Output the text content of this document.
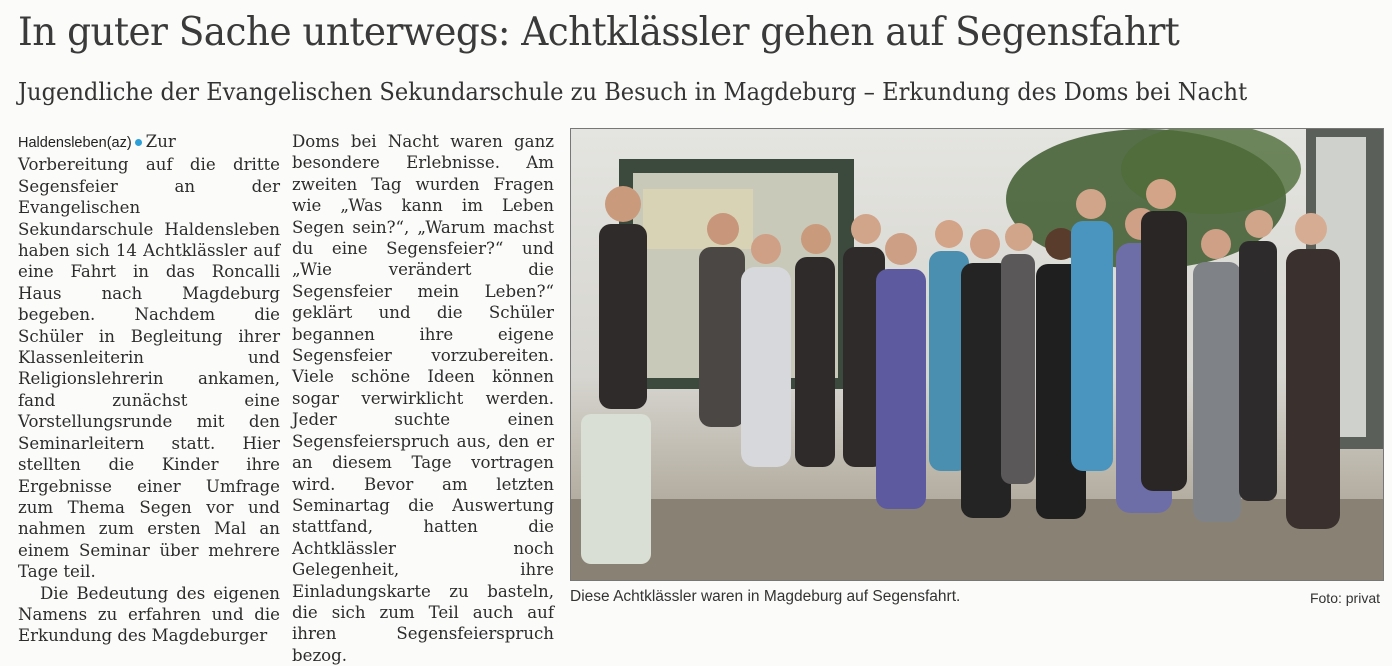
In guter Sache unterwegs: Achtklässler gehen auf Segensfahrt
Jugendliche der Evangelischen Sekundarschule zu Besuch in Magdeburg – Erkundung des Doms bei Nacht

Haldensleben(az) Zur Vorbereitung auf die dritte Segensfeier an der Evangelischen Sekundarschule Haldensleben haben sich 14 Achtklässler auf eine Fahrt in das Roncalli Haus nach Magdeburg begeben. Nachdem die Schüler in Begleitung ihrer Klassenleiterin und Religionslehrerin ankamen, fand zunächst eine Vorstellungsrunde mit den Seminarleitern statt. Hier stellten die Kinder ihre Ergebnisse einer Umfrage zum Thema Segen vor und nahmen zum ersten Mal an einem Seminar über mehrere Tage teil.

Die Bedeutung des eigenen Namens zu erfahren und die Erkundung des Magdeburger

Doms bei Nacht waren ganz besondere Erlebnisse. Am zweiten Tag wurden Fragen wie „Was kann im Leben Segen sein?“, „Warum machst du eine Segensfeier?“ und „Wie verändert die Segensfeier mein Leben?“ geklärt und die Schüler begannen ihre eigene Segensfeier vorzubereiten. Viele schöne Ideen können sogar verwirklicht werden. Jeder suchte einen Segensfeierspruch aus, den er an diesem Tage vortragen wird. Bevor am letzten Seminartag die Auswertung stattfand, hatten die Achtklässler noch Gelegenheit, ihre Einladungskarte zu basteln, die sich zum Teil auch auf ihren Segensfeierspruch bezog.

Diese Achtklässler waren in Magdeburg auf Segensfahrt.	Foto: privat
